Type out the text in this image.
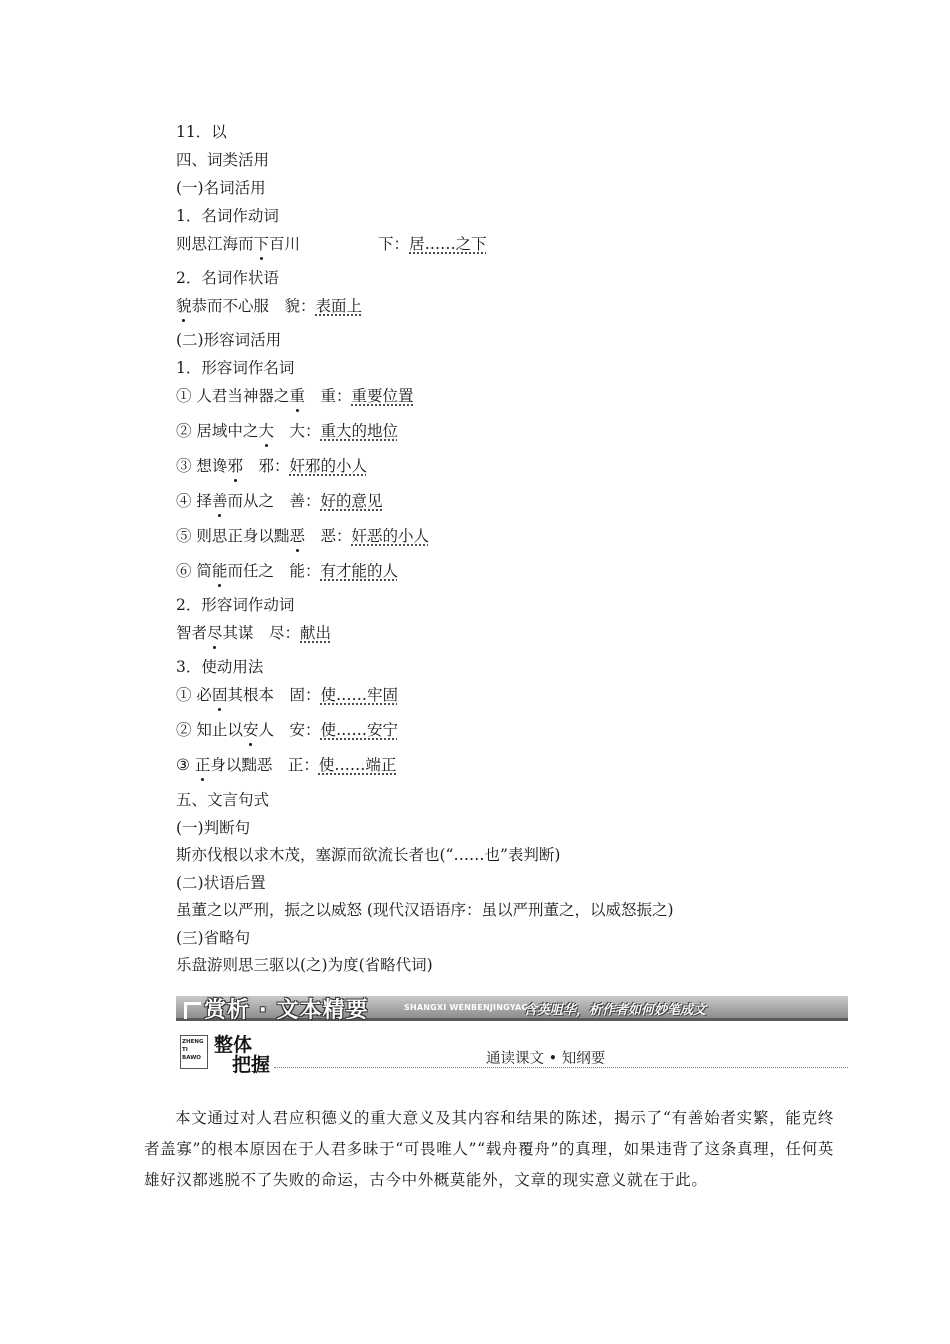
11．以
四、词类活用
(一)名词活用
1．名词作动词
则思江海而下百川	下：居……之下
2．名词作状语
貌恭而不心服　貌：表面上
(二)形容词活用
1．形容词作名词
① 人君当神器之重　重：重要位置
② 居域中之大　大：重大的地位
③ 想谗邪　邪：奸邪的小人
④ 择善而从之　善：好的意见
⑤ 则思正身以黜恶　恶：奸恶的小人
⑥ 简能而任之　能：有才能的人
2．形容词作动词
智者尽其谋　尽：献出
3．使动用法
① 必固其根本　固：使……牢固
② 知止以安人　安：使……安宁
③ 正身以黜恶　正：使……端正
五、文言句式
(一)判断句
斯亦伐根以求木茂，塞源而欲流长者也(“……也”表判断)
(二)状语后置
虽董之以严刑，振之以威怒 (现代汉语语序：虽以严刑董之，以威怒振之)
(三)省略句
乐盘游则思三驱以(之)为度(省略代词)
赏析 · 文本精要	SHANGXI WENBENJINGYAO
含英咀华，析作者如何妙笔成文
ZHENG TI BAWO
整体
把握	通读课文 • 知纲要
本文通过对人君应积德义的重大意义及其内容和结果的陈述，揭示了“有善始者实繁，能克终者盖寡”的根本原因在于人君多昧于“可畏唯人”“载舟覆舟”的真理，如果违背了这条真理，任何英雄好汉都逃脱不了失败的命运，古今中外概莫能外，文章的现实意义就在于此。
